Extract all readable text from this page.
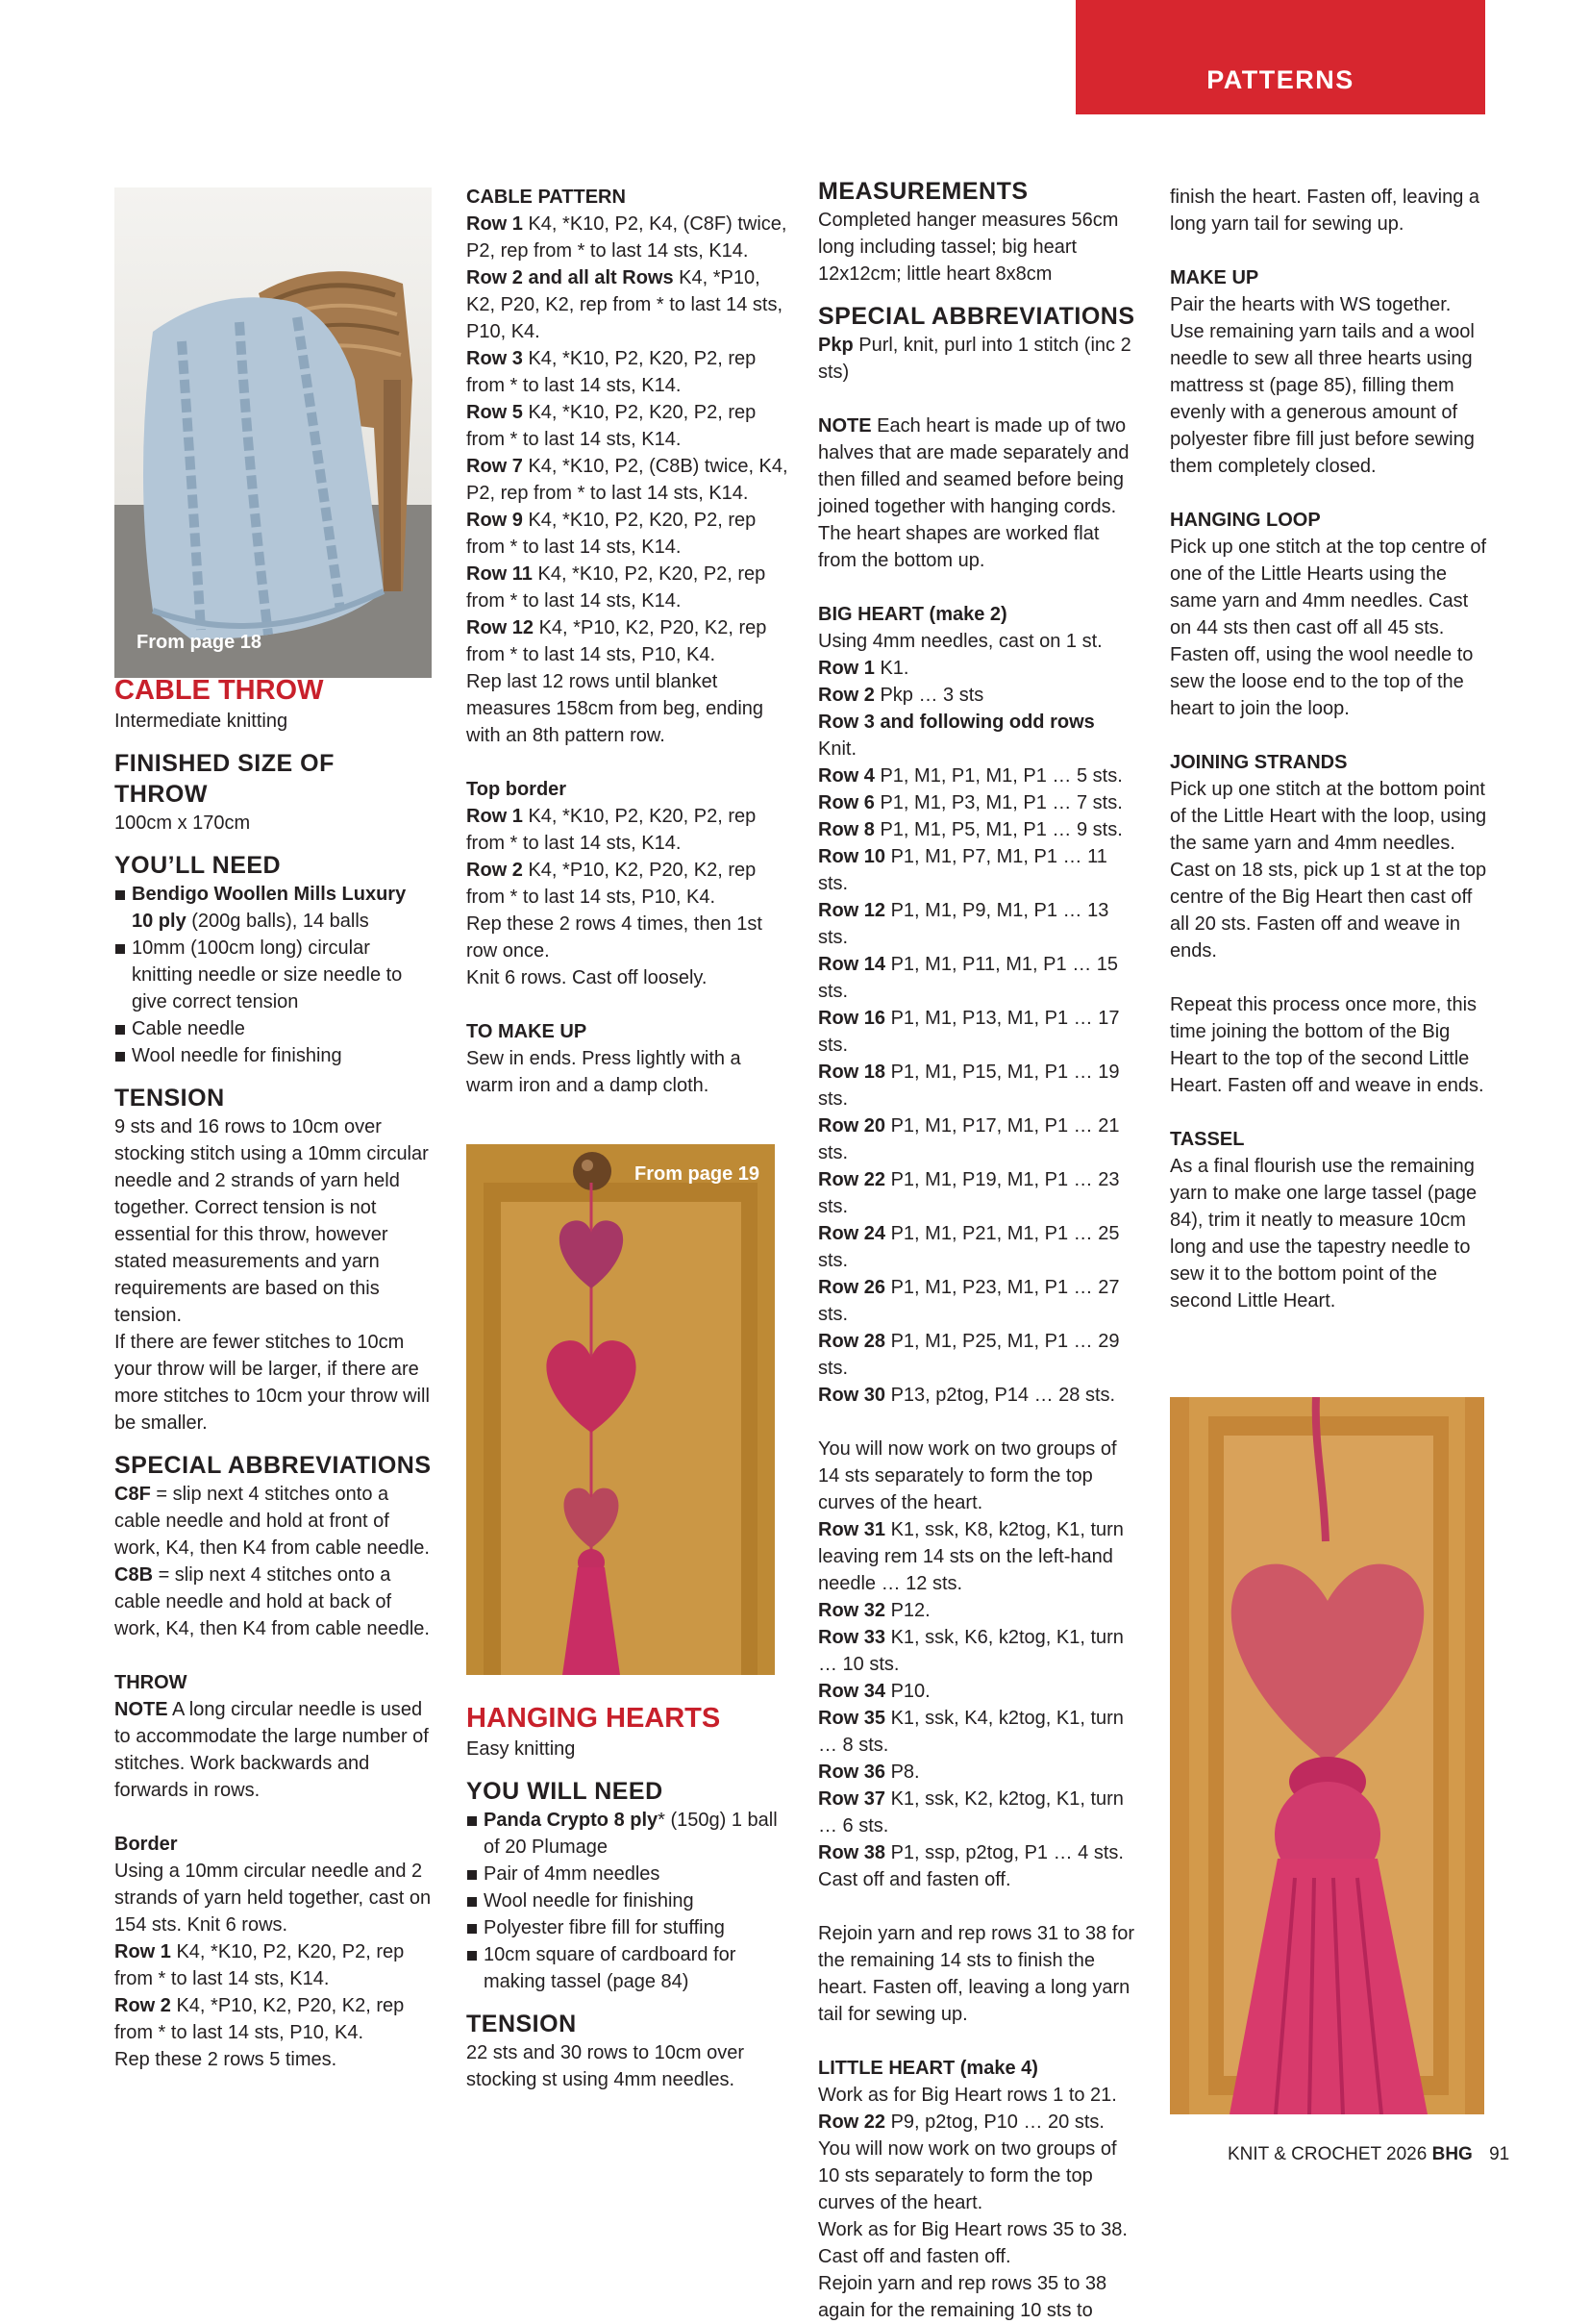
PATTERNS
From page 18
From page 19
CABLE THROW

Intermediate knitting

FINISHED SIZE OF THROW

100cm x 170cm

YOU’LL NEED
Bendigo Woollen Mills Luxury 10 ply (200g balls), 14 balls
10mm (100cm long) circular knitting needle or size needle to give correct tension
Cable needle
Wool needle for finishing
TENSION

9 sts and 16 rows to 10cm over stocking stitch using a 10mm circular needle and 2 strands of yarn held together. Correct tension is not essential for this throw, however stated measurements and yarn requirements are based on this tension.

If there are fewer stitches to 10cm your throw will be larger, if there are more stitches to 10cm your throw will be smaller.

SPECIAL ABBREVIATIONS

C8F = slip next 4 stitches onto a cable needle and hold at front of work, K4, then K4 from cable needle.

C8B = slip next 4 stitches onto a cable needle and hold at back of work, K4, then K4 from cable needle.

THROW

NOTE A long circular needle is used to accommodate the large number of stitches. Work backwards and forwards in rows.

Border

Using a 10mm circular needle and 2 strands of yarn held together, cast on 154 sts. Knit 6 rows.

Row 1 K4, *K10, P2, K20, P2, rep from * to last 14 sts, K14.

Row 2 K4, *P10, K2, P20, K2, rep from * to last 14 sts, P10, K4.

Rep these 2 rows 5 times.

CABLE PATTERN

Row 1 K4, *K10, P2, K4, (C8F) twice, P2, rep from * to last 14 sts, K14.

Row 2 and all alt Rows K4, *P10, K2, P20, K2, rep from * to last 14 sts, P10, K4.

Row 3 K4, *K10, P2, K20, P2, rep from * to last 14 sts, K14.

Row 5 K4, *K10, P2, K20, P2, rep from * to last 14 sts, K14.

Row 7 K4, *K10, P2, (C8B) twice, K4, P2, rep from * to last 14 sts, K14.

Row 9 K4, *K10, P2, K20, P2, rep from * to last 14 sts, K14.

Row 11 K4, *K10, P2, K20, P2, rep from * to last 14 sts, K14.

Row 12 K4, *P10, K2, P20, K2, rep from * to last 14 sts, P10, K4.

Rep last 12 rows until blanket measures 158cm from beg, ending with an 8th pattern row.

Top border

Row 1 K4, *K10, P2, K20, P2, rep from * to last 14 sts, K14.

Row 2 K4, *P10, K2, P20, K2, rep from * to last 14 sts, P10, K4.

Rep these 2 rows 4 times, then 1st row once.

Knit 6 rows. Cast off loosely.

TO MAKE UP

Sew in ends. Press lightly with a warm iron and a damp cloth.

HANGING HEARTS

Easy knitting

YOU WILL NEED
Panda Crypto 8 ply* (150g) 1 ball of 20 Plumage
Pair of 4mm needles
Wool needle for finishing
Polyester fibre fill for stuffing
10cm square of cardboard for making tassel (page 84)
TENSION

22 sts and 30 rows to 10cm over stocking st using 4mm needles.

MEASUREMENTS

Completed hanger measures 56cm long including tassel; big heart 12x12cm; little heart 8x8cm

SPECIAL ABBREVIATIONS

Pkp Purl, knit, purl into 1 stitch (inc 2 sts)

NOTE Each heart is made up of two halves that are made separately and then filled and seamed before being joined together with hanging cords. The heart shapes are worked flat from the bottom up.

BIG HEART (make 2)

Using 4mm needles, cast on 1 st.

Row 1 K1.

Row 2 Pkp … 3 sts

Row 3 and following odd rows

Knit.

Row 4 P1, M1, P1, M1, P1 … 5 sts.

Row 6 P1, M1, P3, M1, P1 … 7 sts.

Row 8 P1, M1, P5, M1, P1 … 9 sts.

Row 10 P1, M1, P7, M1, P1 … 11 sts.

Row 12 P1, M1, P9, M1, P1 … 13 sts.

Row 14 P1, M1, P11, M1, P1 … 15 sts.

Row 16 P1, M1, P13, M1, P1 … 17 sts.

Row 18 P1, M1, P15, M1, P1 … 19 sts.

Row 20 P1, M1, P17, M1, P1 … 21 sts.

Row 22 P1, M1, P19, M1, P1 … 23 sts.

Row 24 P1, M1, P21, M1, P1 … 25 sts.

Row 26 P1, M1, P23, M1, P1 … 27 sts.

Row 28 P1, M1, P25, M1, P1 … 29 sts.

Row 30 P13, p2tog, P14 … 28 sts.

You will now work on two groups of 14 sts separately to form the top curves of the heart.

Row 31 K1, ssk, K8, k2tog, K1, turn leaving rem 14 sts on the left-hand needle … 12 sts.

Row 32 P12.

Row 33 K1, ssk, K6, k2tog, K1, turn … 10 sts.

Row 34 P10.

Row 35 K1, ssk, K4, k2tog, K1, turn … 8 sts.

Row 36 P8.

Row 37 K1, ssk, K2, k2tog, K1, turn … 6 sts.

Row 38 P1, ssp, p2tog, P1 … 4 sts.

Cast off and fasten off.

Rejoin yarn and rep rows 31 to 38 for the remaining 14 sts to finish the heart. Fasten off, leaving a long yarn tail for sewing up.

LITTLE HEART (make 4)

Work as for Big Heart rows 1 to 21.

Row 22 P9, p2tog, P10 … 20 sts.

You will now work on two groups of 10 sts separately to form the top curves of the heart.

Work as for Big Heart rows 35 to 38.

Cast off and fasten off.

Rejoin yarn and rep rows 35 to 38 again for the remaining 10 sts to

finish the heart. Fasten off, leaving a long yarn tail for sewing up.

MAKE UP

Pair the hearts with WS together. Use remaining yarn tails and a wool needle to sew all three hearts using mattress st (page 85), filling them evenly with a generous amount of polyester fibre fill just before sewing them completely closed.

HANGING LOOP

Pick up one stitch at the top centre of one of the Little Hearts using the same yarn and 4mm needles. Cast on 44 sts then cast off all 45 sts. Fasten off, using the wool needle to sew the loose end to the top of the heart to join the loop.

JOINING STRANDS

Pick up one stitch at the bottom point of the Little Heart with the loop, using the same yarn and 4mm needles. Cast on 18 sts, pick up 1 st at the top centre of the Big Heart then cast off all 20 sts. Fasten off and weave in ends.

Repeat this process once more, this time joining the bottom of the Big Heart to the top of the second Little Heart. Fasten off and weave in ends.

TASSEL

As a final flourish use the remaining yarn to make one large tassel (page 84), trim it neatly to measure 10cm long and use the tapestry needle to sew it to the bottom point of the second Little Heart.

KNIT & CROCHET 2026 BHG 91
